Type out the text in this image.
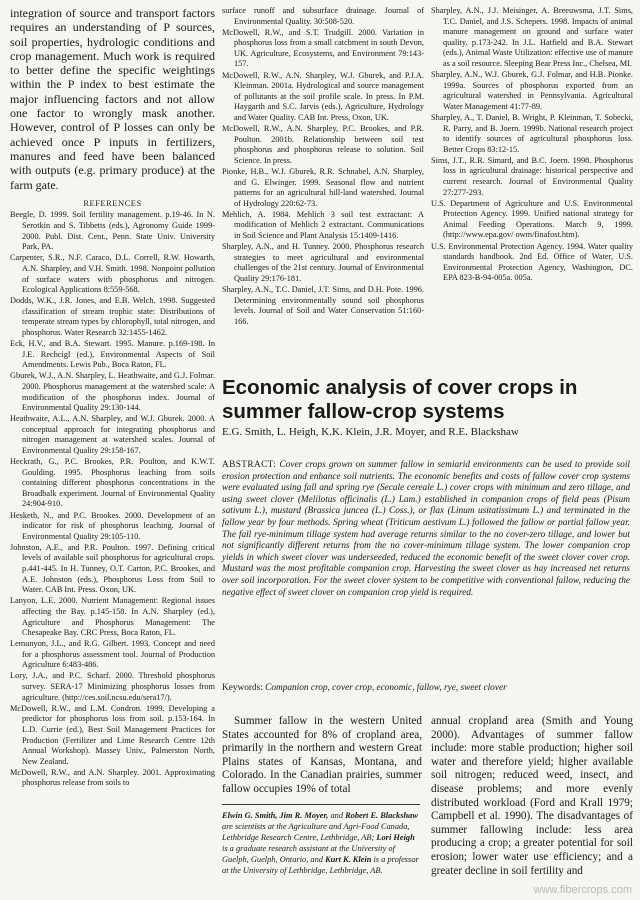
integration of source and transport factors requires an understanding of P sources, soil properties, hydrologic conditions and crop management. Much work is required to better define the specific weightings within the P index to best estimate the major influencing factors and not allow one factor to wrongly mask another. However, control of P losses can only be achieved once P inputs in fertilizers, manures and feed have been balanced with outputs (e.g. primary produce) at the farm gate.

REFERENCES
Beegle, D. 1999. Soil fertility management. p.19-46. In N. Serotkin and S. Tibbetts (eds.), Agronomy Guide 1999-2000. Publ. Dist. Cent., Penn. State Univ. University Park, PA.
Carpenter, S.R., N.F. Caraco, D.L. Correll, R.W. Howarth, A.N. Sharpley, and V.H. Smith. 1998. Nonpoint pollution of surface waters with phosphorus and nitrogen. Ecological Applications 8:559-568.
Dodds, W.K., J.R. Jones, and E.B. Welch. 1998. Suggested classification of stream trophic state: Distributions of temperate stream types by chlorophyll, total nitrogen, and phosphorus. Water Research 32:1455-1462.
Eck, H.V., and B.A. Stewart. 1995. Manure. p.169-198. In J.E. Rechcigl (ed.), Environmental Aspects of Soil Amendments. Lewis Pub., Boca Raton, FL.
Gburek, W.J., A.N. Sharpley, L. Heathwaite, and G.J. Folmar. 2000. Phosphorus management at the watershed scale: A modification of the phosphorus index. Journal of Environmental Quality 29:130-144.
Heathwaite, A.L., A.N. Sharpley, and W.J. Gburek. 2000. A conceptual approach for integrating phosphorus and nitrogen management at watershed scales. Journal of Environmental Quality 29:158-167.
Heckrath, G., P.C. Brookes, P.R. Poulton, and K.W.T. Goulding. 1995. Phosphorus leaching from soils containing different phosphorus concentrations in the Broadbalk experiment. Journal of Environmental Quality 24:904-910.
Hesketh, N., and P.C. Brookes. 2000. Development of an indicator for risk of phosphorus leaching. Journal of Environmental Quality 29:105-110.
Johnston, A.E., and P.R. Poulton. 1997. Defining critical levels of available soil phosphorus for agricultural crops. p.441-445. In H. Tunney, O.T. Carton, P.C. Brookes, and A.E. Johnston (eds.), Phosphorus Loss from Soil to Water. CAB Int. Press. Oxon, UK.
Lanyon, L.E. 2000. Nutrient Management: Regional issues affecting the Bay. p.145-158. In A.N. Sharpley (ed.), Agriculture and Phosphorus Management: The Chesapeake Bay. CRC Press, Boca Raton, FL.
Lemunyon, J.L., and R.G. Gilbert. 1993. Concept and need for a phosphorus assessment tool. Journal of Production Agriculture 6:483-486.
Lory, J.A., and P.C. Scharf. 2000. Threshold phosphorus survey. SERA-17 Minimizing phosphorus losses from agriculture. (http://ces.soil.ncsu.edu/sera17/).
McDowell, R.W., and L.M. Condron. 1999. Developing a predictor for phosphorus loss from soil. p.153-164. In L.D. Currie (ed.), Best Soil Management Practices for Production (Fertilizer and Lime Research Centre 12th Annual Workshop). Massey Univ., Palmerston North, New Zealand.
McDowell, R.W., and A.N. Sharpley. 2001. Approximating phosphorus release from soils to
surface runoff and subsurface drainage. Journal of Environmental Quality. 30:508-520.
McDowell, R.W., and S.T. Trudgill. 2000. Variation in phosphorus loss from a small catchment in south Devon, UK. Agriculture, Ecosystems, and Environment 79:143-157.
McDowell, R.W., A.N. Sharpley, W.J. Gburek, and P.J.A. Kleinman. 2001a. Hydrological and source management of pollutants at the soil profile scale. In press. In P.M. Haygarth and S.C. Jarvis (eds.), Agriculture, Hydrology and Water Quality. CAB Int. Press, Oxon, UK.
McDowell, R.W., A.N. Sharpley, P.C. Brookes, and P.R. Poulton. 2001b. Relationship between soil test phosphorus and phosphorus release to solution. Soil Science. In press.
Pionke, H.B., W.J. Gburek, R.R. Schnabel, A.N. Sharpley, and G. Elwinger. 1999. Seasonal flow and nutrient patterns for an agricultural hill-land watershed. Journal of Hydrology 220:62-73.
Mehlich, A. 1984. Mehlich 3 soil test extractant: A modification of Mehlich 2 extractant. Communications in Soil Science and Plant Analysis 15:1409-1416.
Sharpley, A.N., and H. Tunney. 2000. Phosphorus research strategies to meet agricultural and environmental challenges of the 21st century. Journal of Environmental Quality 29:176-181.
Sharpley, A.N., T.C. Daniel, J.T. Sims, and D.H. Pote. 1996. Determining environmentally sound soil phosphorus levels. Journal of Soil and Water Conservation 51:160-166.
Sharpley, A.N., J.J. Meisinger, A. Breeuwsma, J.T. Sims, T.C. Daniel, and J.S. Schepers. 1998. Impacts of animal manure management on ground and surface water quality. p.173-242. In J.L. Hatfield and B.A. Stewart (eds.), Animal Waste Utilization: effective use of manure as a soil resource. Sleeping Bear Press Inc., Chelsea, MI.
Sharpley, A.N., W.J. Gburek, G.J. Folmar, and H.B. Pionke. 1999a. Sources of phosphorus exported from an agricultural watershed in Pennsylvania. Agricultural Water Management 41:77-89.
Sharpley, A., T. Daniel, B. Wright, P. Kleinman, T. Sobecki, R. Parry, and B. Joern. 1999b. National research project to identify sources of agricultural phosphorus loss. Better Crops 83:12-15.
Sims, J.T., R.R. Simard, and B.C. Joern. 1998. Phosphorus loss in agricultural drainage: historical perspective and current research. Journal of Environmental Quality 27:277-293.
U.S. Department of Agriculture and U.S. Environmental Protection Agency. 1999. Unified national strategy for Animal Feeding Operations. March 9, 1999. (http://www.epa.gov/ owm/finafost.htm).
U.S. Environmental Protection Agency. 1994. Water quality standards handbook. 2nd Ed. Office of Water, U.S. Environmental Protection Agency, Washington, DC. EPA 823-B-94-005a. 005a.
Economic analysis of cover crops in
summer fallow-crop systems
E.G. Smith, L. Heigh, K.K. Klein, J.R. Moyer, and R.E. Blackshaw
ABSTRACT: Cover crops grown on summer fallow in semiarid environments can be used to provide soil erosion protection and enhance soil nutrients. The economic benefits and costs of fallow cover crop systems were evaluated using fall and spring rye (Secale cereale L.) cover crops with minimum and zero tillage, and using sweet clover (Melilotus officinalis (L.) Lam.) established in companion crops of field peas (Pisum sativum L.), mustard (Brassica juncea (L.) Coss.), or flax (Linum usitatissimum L.) and terminated in the fallow year by four methods. Spring wheat (Triticum aestivum L.) followed the fallow or partial fallow year. The fall rye-minimum tillage system had average returns similar to the no cover-zero tillage, and lower but not significantly different returns from the no cover-minimum tillage system. The lower companion crop yields in which sweet clover was underseeded, reduced the economic benefit of the sweet clover cover crop. Mustard was the most profitable companion crop. Harvesting the sweet clover as hay increased net returns over soil incorporation. For the sweet clover system to be competitive with conventional fallow, reducing the negative effect of sweet clover on companion crop yield is required.
Keywords: Companion crop, cover crop, economic, fallow, rye, sweet clover

Summer fallow in the western United States accounted for 8% of cropland area, primarily in the northern and western Great Plains states of Kansas, Montana, and Colorado. In the Canadian prairies, summer fallow occupies 19% of total

Elwin G. Smith, Jim R. Moyer, and Robert E. Blackshaw are scientists at the Agriculture and Agri-Food Canada, Lethbridge Research Centre, Lethbridge, AB; Lori Heigh is a graduate research assistant at the University of Guelph, Guelph, Ontario, and Kurt K. Klein is a professor at the University of Lethbridge, Lethbridge, AB.

annual cropland area (Smith and Young 2000). Advantages of summer fallow include: more stable production; higher soil water and therefore yield; higher available soil nitrogen; reduced weed, insect, and disease problems; and more evenly distributed workload (Ford and Krall 1979; Campbell et al. 1990). The disadvantages of summer fallowing include: less area producing a crop; a greater potential for soil erosion; lower water use efficiency; and a greater decline in soil fertility and

www.fibercrops.com
